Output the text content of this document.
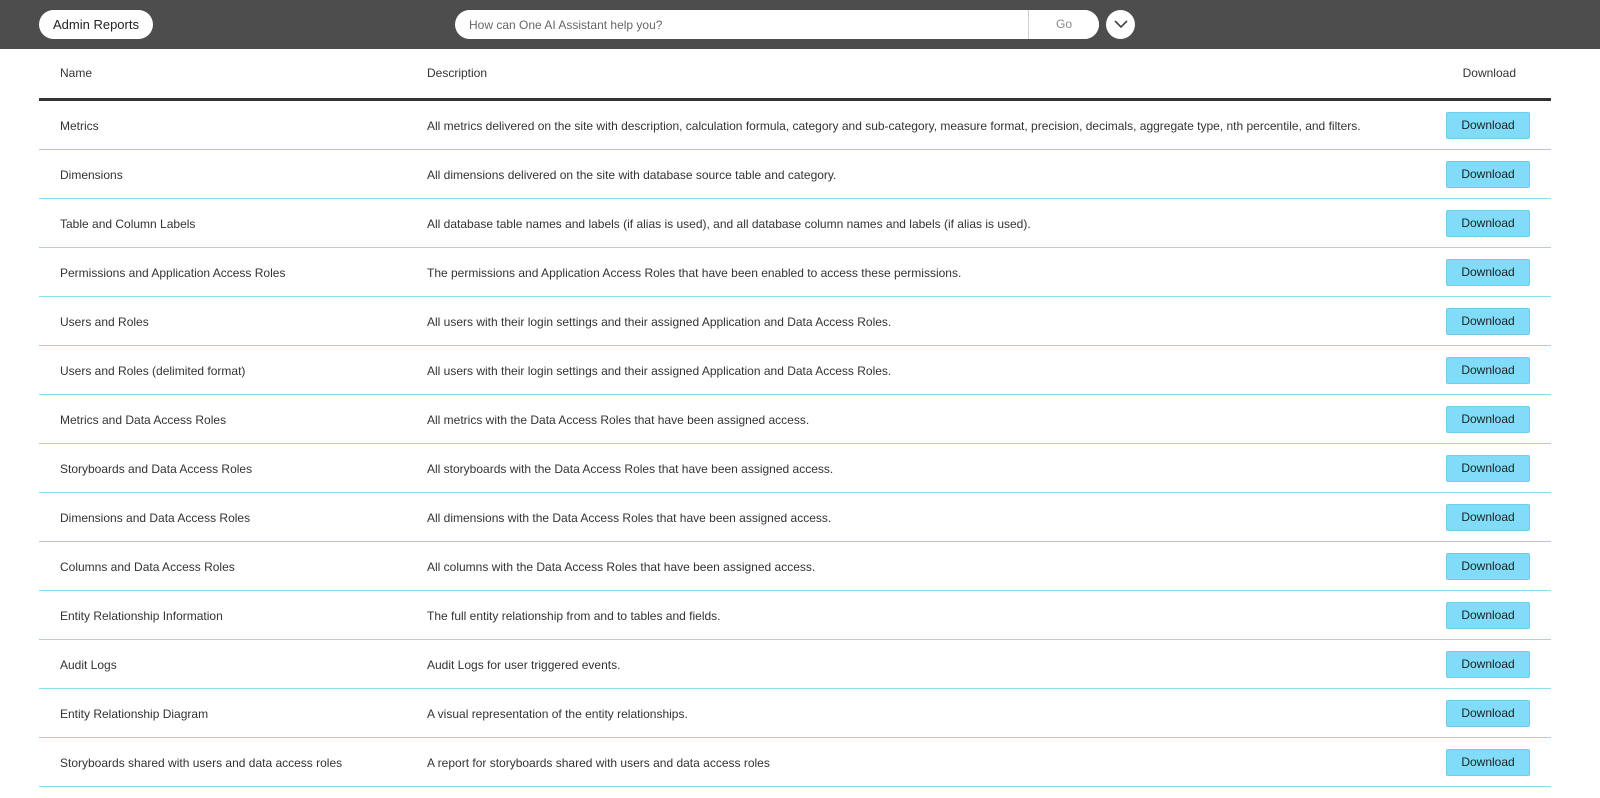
Admin Reports
How can One AI Assistant help you?	Go
Name	Description	Download
Metrics	All metrics delivered on the site with description, calculation formula, category and sub-category, measure format, precision, decimals, aggregate type, nth percentile, and filters.	Download
Dimensions	All dimensions delivered on the site with database source table and category.	Download
Table and Column Labels	All database table names and labels (if alias is used), and all database column names and labels (if alias is used).	Download
Permissions and Application Access Roles	The permissions and Application Access Roles that have been enabled to access these permissions.	Download
Users and Roles	All users with their login settings and their assigned Application and Data Access Roles.	Download
Users and Roles (delimited format)	All users with their login settings and their assigned Application and Data Access Roles.	Download
Metrics and Data Access Roles	All metrics with the Data Access Roles that have been assigned access.	Download
Storyboards and Data Access Roles	All storyboards with the Data Access Roles that have been assigned access.	Download
Dimensions and Data Access Roles	All dimensions with the Data Access Roles that have been assigned access.	Download
Columns and Data Access Roles	All columns with the Data Access Roles that have been assigned access.	Download
Entity Relationship Information	The full entity relationship from and to tables and fields.	Download
Audit Logs	Audit Logs for user triggered events.	Download
Entity Relationship Diagram	A visual representation of the entity relationships.	Download
Storyboards shared with users and data access roles	A report for storyboards shared with users and data access roles	Download
